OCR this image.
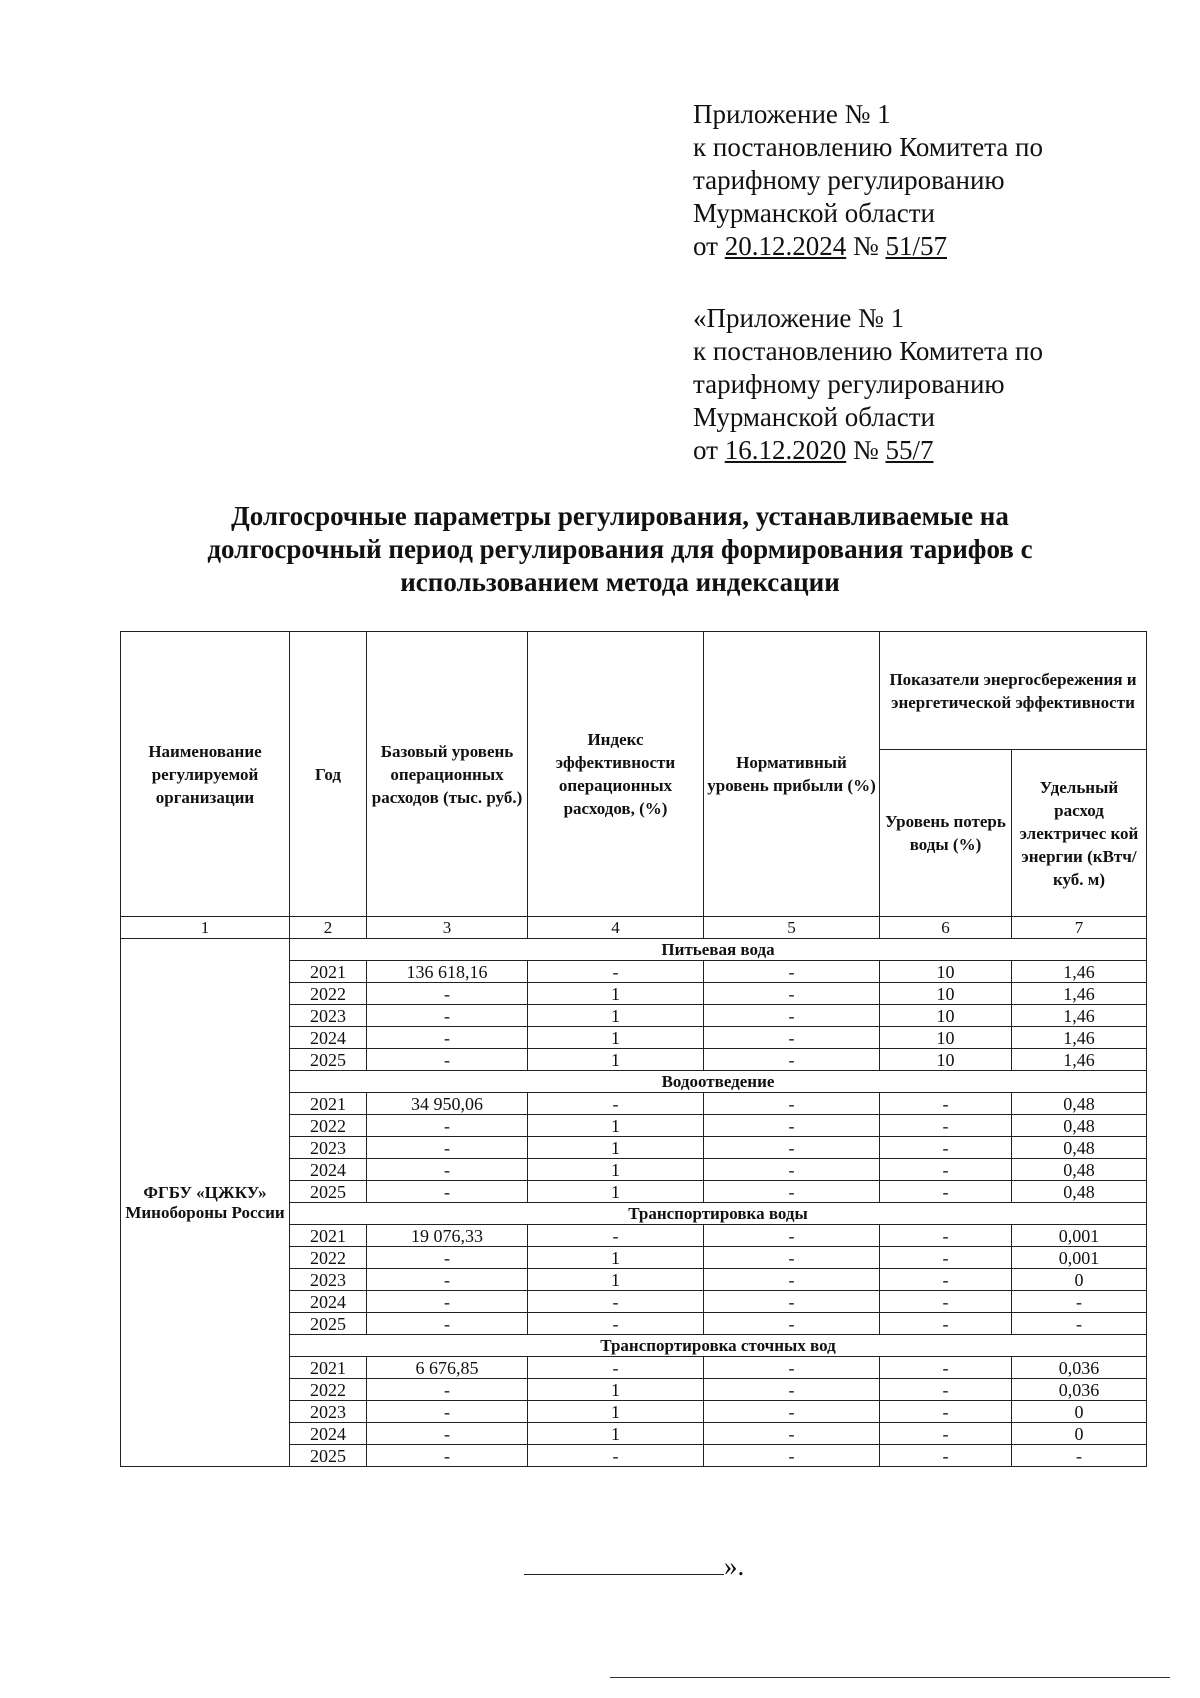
Приложение № 1
к постановлению Комитета по
тарифному регулированию
Мурманской области
от 20.12.2024 № 51/57
«Приложение № 1
к постановлению Комитета по
тарифному регулированию
Мурманской области
от 16.12.2020 № 55/7
Долгосрочные параметры регулирования, устанавливаемые на
долгосрочный период регулирования для формирования тарифов с
использованием метода индексации
Наименование регулируемой организации	Год	Базовый уровень операционных расходов (тыс. руб.)	Индекс эффективности операционных расходов, (%)	Нормативный уровень прибыли (%)	Показатели энергосбережения и энергетической эффективности	
					Уровень потерь воды (%)	Удельный расход электричес кой энергии (кВтч/куб. м)
1	2	3	4	5	6	7
ФГБУ «ЦЖКУ» Минобороны России	Питьевая вода					
	2021	136 618,16	-	-	10	1,46
	2022	-	1	-	10	1,46
	2023	-	1	-	10	1,46
	2024	-	1	-	10	1,46
	2025	-	1	-	10	1,46
	Водоотведение					
	2021	34 950,06	-	-	-	0,48
	2022	-	1	-	-	0,48
	2023	-	1	-	-	0,48
	2024	-	1	-	-	0,48
	2025	-	1	-	-	0,48
	Транспортировка воды					
	2021	19 076,33	-	-	-	0,001
	2022	-	1	-	-	0,001
	2023	-	1	-	-	0
	2024	-	-	-	-	-
	2025	-	-	-	-	-
	Транспортировка сточных вод					
	2021	6 676,85	-	-	-	0,036
	2022	-	1	-	-	0,036
	2023	-	1	-	-	0
	2024	-	1	-	-	0
	2025	-	-	-	-	-
».
